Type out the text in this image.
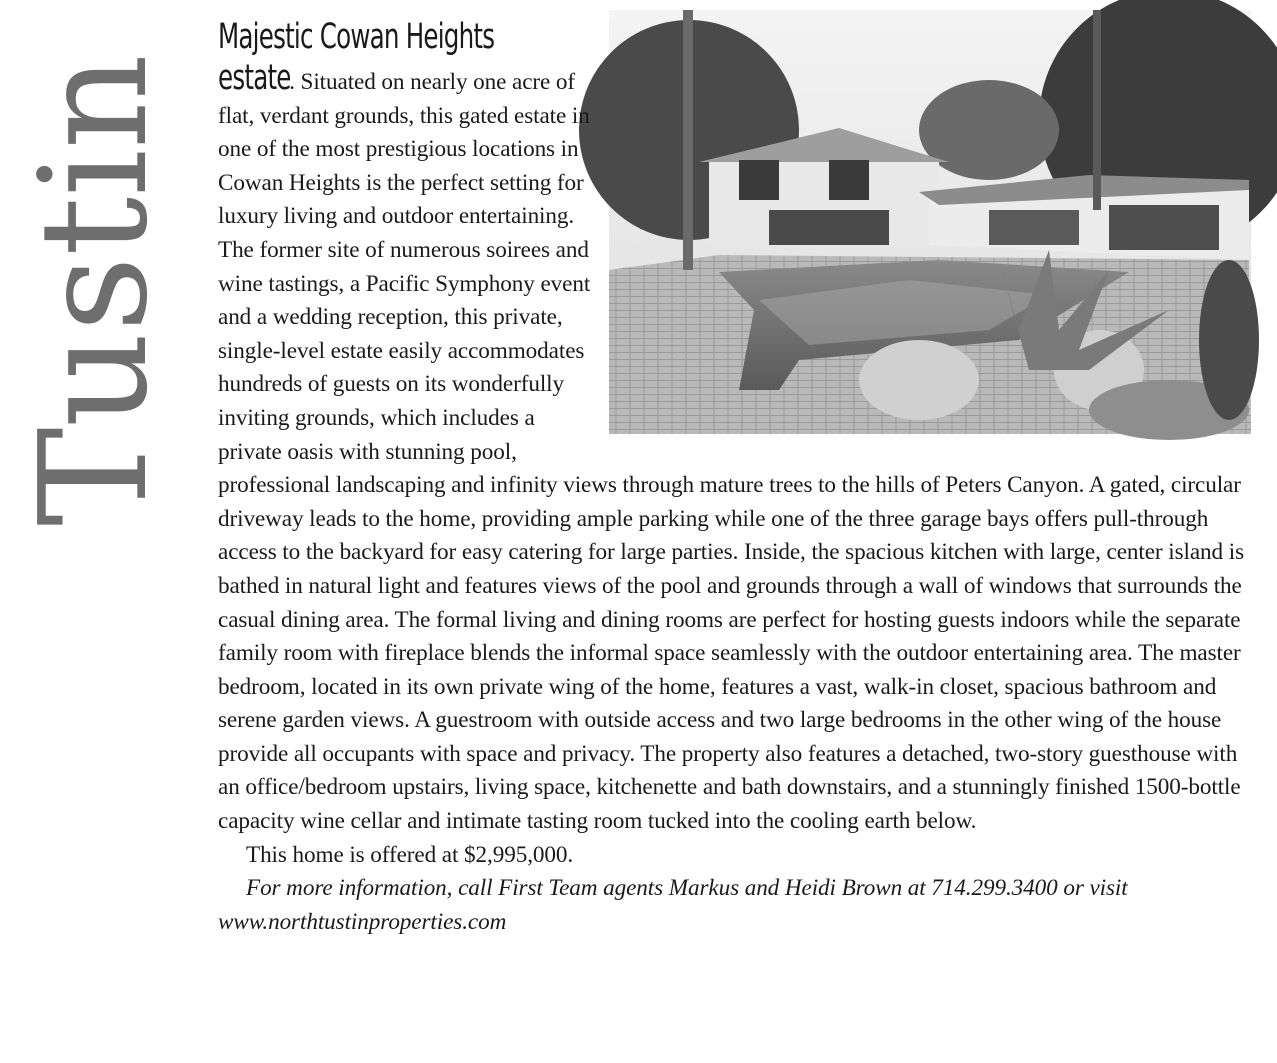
Tustin
Majestic Cowan Heights

estate. Situated on nearly one acre of flat, verdant grounds, this gated estate in one of the most prestigious locations in Cowan Heights is the perfect setting for luxury living and outdoor entertaining. The former site of numerous soirees and wine tastings, a Pacific Symphony event and a wedding reception, this private, single-level estate easily accommodates hundreds of guests on its wonderfully inviting grounds, which includes a private oasis with stunning pool, professional landscaping and infinity views through mature trees to the hills of Peters Canyon. A gated, circular driveway leads to the home, providing ample parking while one of the three garage bays offers pull-through access to the backyard for easy catering for large parties. Inside, the spacious kitchen with large, center island is bathed in natural light and features views of the pool and grounds through a wall of windows that surrounds the casual dining area. The formal living and dining rooms are perfect for hosting guests indoors while the separate family room with fireplace blends the informal space seamlessly with the outdoor entertaining area. The master bedroom, located in its own private wing of the home, features a vast, walk-in closet, spacious bathroom and serene garden views. A guestroom with outside access and two large bedrooms in the other wing of the house provide all occupants with space and privacy. The property also features a detached, two-story guesthouse with an office/bedroom upstairs, living space, kitchenette and bath downstairs, and a stunningly finished 1500-bottle capacity wine cellar and intimate tasting room tucked into the cooling earth below.

This home is offered at $2,995,000.

For more information, call First Team agents Markus and Heidi Brown at 714.299.3400 or visit www.northtustinproperties.com
